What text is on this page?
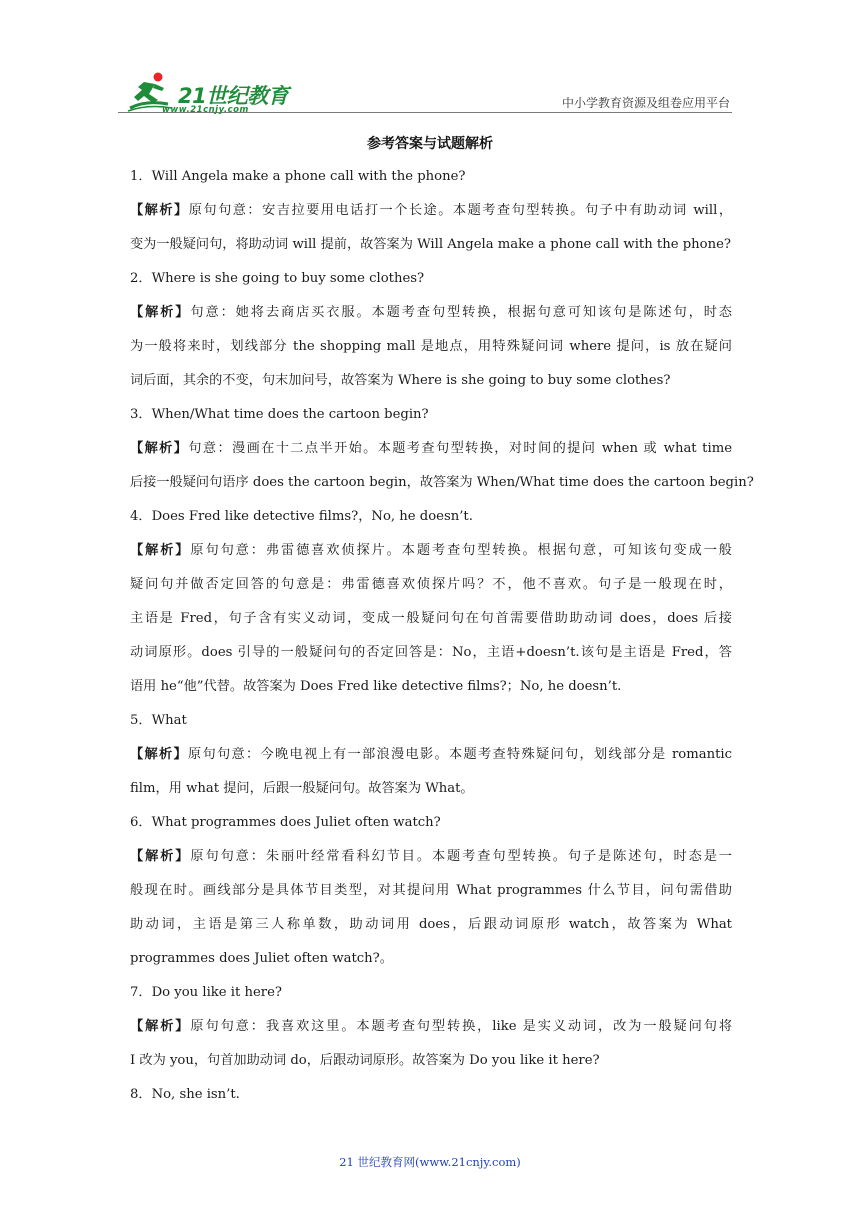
21世纪教育
www.21cnjy.com	中小学教育资源及组卷应用平台
参考答案与试题解析
1．Will Angela make a phone call with the phone?
【解析】原句句意：安吉拉要用电话打一个长途。本题考查句型转换。句子中有助动词 will，
变为一般疑问句，将助动词 will 提前，故答案为 Will Angela make a phone call with the phone?
2．Where is she going to buy some clothes?
【解析】句意：她将去商店买衣服。本题考查句型转换，根据句意可知该句是陈述句，时态
为一般将来时，划线部分 the shopping mall 是地点，用特殊疑问词 where 提问，is 放在疑问
词后面，其余的不变，句末加问号，故答案为 Where is she going to buy some clothes?
3．When/What time does the cartoon begin?
【解析】句意：漫画在十二点半开始。本题考查句型转换，对时间的提问 when 或 what time
后接一般疑问句语序 does the cartoon begin，故答案为 When/What time does the cartoon begin?
4．Does Fred like detective films?，No, he doesn’t.
【解析】原句句意：弗雷德喜欢侦探片。本题考查句型转换。根据句意，可知该句变成一般
疑问句并做否定回答的句意是：弗雷德喜欢侦探片吗？不，他不喜欢。句子是一般现在时，
主语是 Fred，句子含有实义动词，变成一般疑问句在句首需要借助助动词 does，does 后接
动词原形。does 引导的一般疑问句的否定回答是：No，主语+doesn’t.该句是主语是 Fred，答
语用 he“他”代替。故答案为 Does Fred like detective films?；No, he doesn’t.
5．What
【解析】原句句意：今晚电视上有一部浪漫电影。本题考查特殊疑问句，划线部分是 romantic
film，用 what 提问，后跟一般疑问句。故答案为 What。
6．What programmes does Juliet often watch?
【解析】原句句意：朱丽叶经常看科幻节目。本题考查句型转换。句子是陈述句，时态是一
般现在时。画线部分是具体节目类型，对其提问用 What programmes 什么节目，问句需借助
助动词，主语是第三人称单数，助动词用 does，后跟动词原形 watch，故答案为 What
programmes does Juliet often watch?。
7．Do you like it here?
【解析】原句句意：我喜欢这里。本题考查句型转换，like 是实义动词，改为一般疑问句将
I 改为 you，句首加助动词 do，后跟动词原形。故答案为 Do you like it here?
8．No, she isn’t.
21 世纪教育网(www.21cnjy.com)
